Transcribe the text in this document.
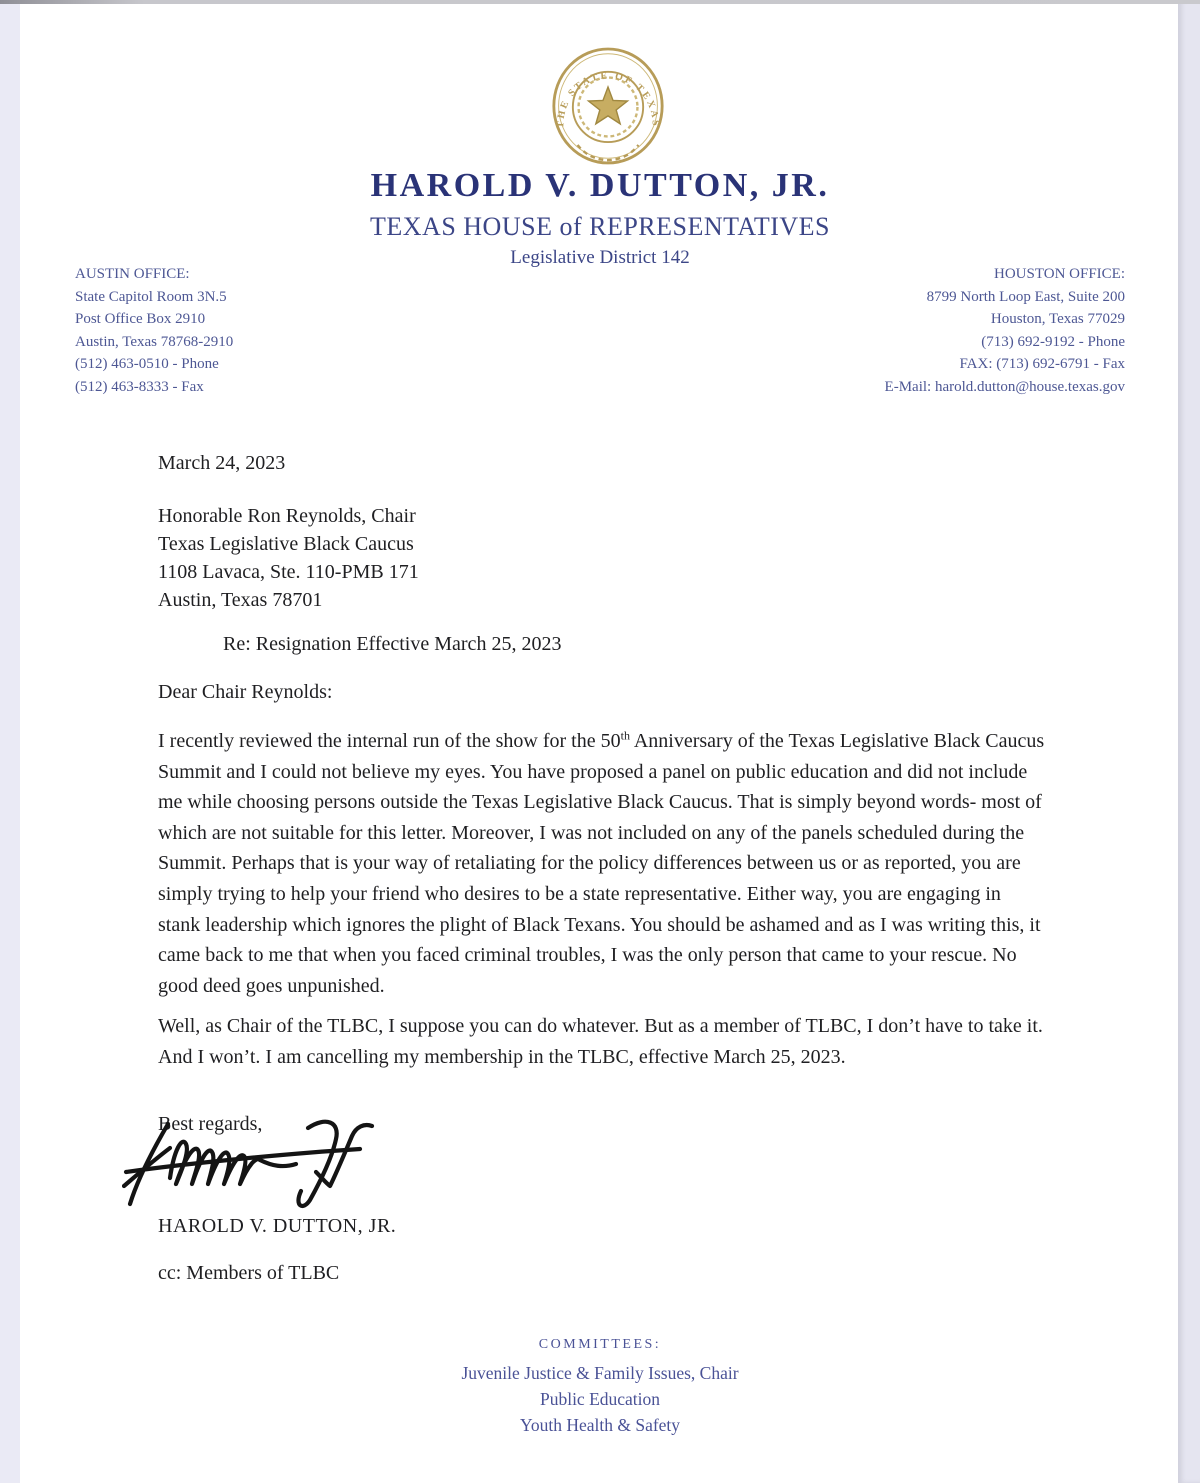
THE STATE OF TEXAS
HAROLD V. DUTTON, JR.
TEXAS HOUSE of REPRESENTATIVES
Legislative District 142
AUSTIN OFFICE:
State Capitol Room 3N.5
Post Office Box 2910
Austin, Texas 78768-2910
(512) 463-0510 - Phone
(512) 463-8333 - Fax
HOUSTON OFFICE:
8799 North Loop East, Suite 200
Houston, Texas 77029
(713) 692-9192 - Phone
FAX: (713) 692-6791 - Fax
E-Mail: harold.dutton@house.texas.gov
March 24, 2023
Honorable Ron Reynolds, Chair
Texas Legislative Black Caucus
1108 Lavaca, Ste. 110-PMB 171
Austin, Texas 78701
Re: Resignation Effective March 25, 2023
Dear Chair Reynolds:
I recently reviewed the internal run of the show for the 50th Anniversary of the Texas Legislative Black Caucus Summit and I could not believe my eyes. You have proposed a panel on public education and did not include me while choosing persons outside the Texas Legislative Black Caucus. That is simply beyond words- most of which are not suitable for this letter. Moreover, I was not included on any of the panels scheduled during the Summit. Perhaps that is your way of retaliating for the policy differences between us or as reported, you are simply trying to help your friend who desires to be a state representative. Either way, you are engaging in stank leadership which ignores the plight of Black Texans. You should be ashamed and as I was writing this, it came back to me that when you faced criminal troubles, I was the only person that came to your rescue. No good deed goes unpunished.
Well, as Chair of the TLBC, I suppose you can do whatever. But as a member of TLBC, I don’t have to take it. And I won’t. I am cancelling my membership in the TLBC, effective March 25, 2023.
Best regards,
HAROLD V. DUTTON, JR.
cc: Members of TLBC
COMMITTEES:
Juvenile Justice & Family Issues, Chair
Public Education
Youth Health & Safety
